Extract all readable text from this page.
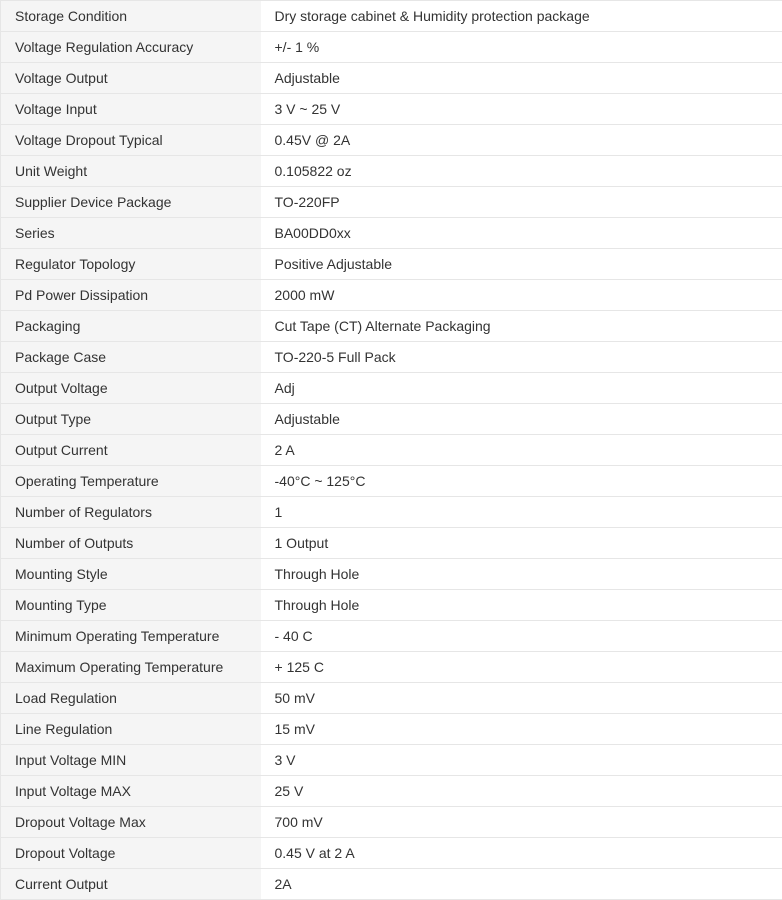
Storage Condition	Dry storage cabinet & Humidity protection package
Voltage Regulation Accuracy	+/- 1 %
Voltage Output	Adjustable
Voltage Input	3 V ~ 25 V
Voltage Dropout Typical	0.45V @ 2A
Unit Weight	0.105822 oz
Supplier Device Package	TO-220FP
Series	BA00DD0xx
Regulator Topology	Positive Adjustable
Pd Power Dissipation	2000 mW
Packaging	Cut Tape (CT) Alternate Packaging
Package Case	TO-220-5 Full Pack
Output Voltage	Adj
Output Type	Adjustable
Output Current	2 A
Operating Temperature	-40°C ~ 125°C
Number of Regulators	1
Number of Outputs	1 Output
Mounting Style	Through Hole
Mounting Type	Through Hole
Minimum Operating Temperature	- 40 C
Maximum Operating Temperature	+ 125 C
Load Regulation	50 mV
Line Regulation	15 mV
Input Voltage MIN	3 V
Input Voltage MAX	25 V
Dropout Voltage Max	700 mV
Dropout Voltage	0.45 V at 2 A
Current Output	2A
